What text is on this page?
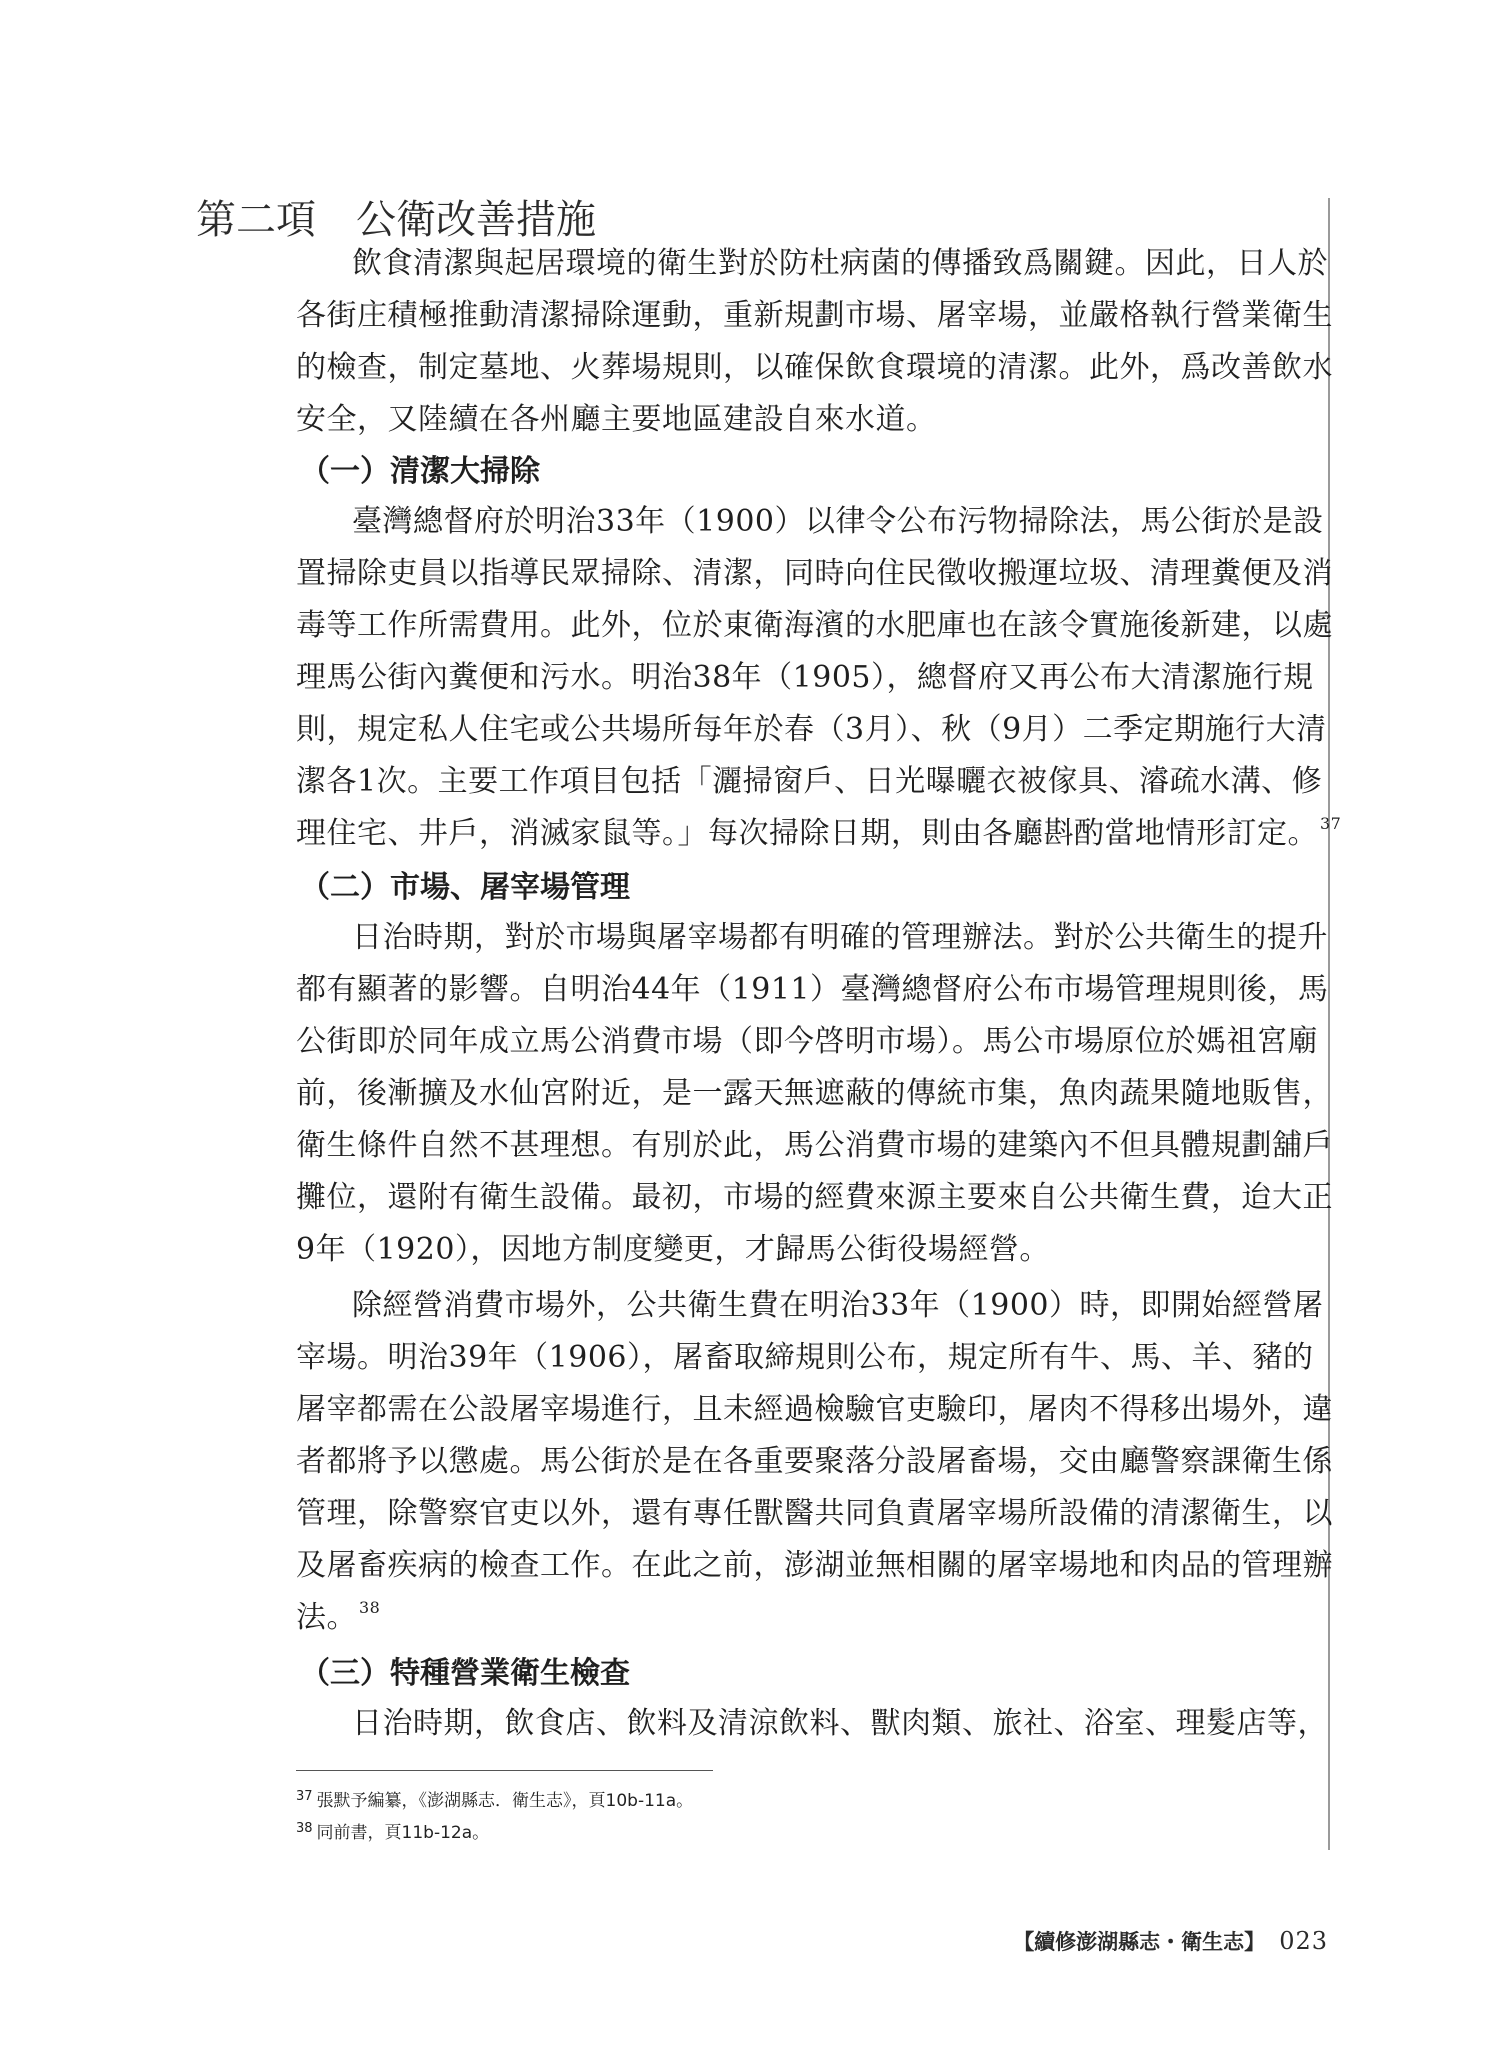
第二項 公衛改善措施
飲食清潔與起居環境的衛生對於防杜病菌的傳播致爲關鍵。因此，日人於
各街庄積極推動清潔掃除運動，重新規劃市場、屠宰場，並嚴格執行營業衛生
的檢查，制定墓地、火葬場規則，以確保飲食環境的清潔。此外，爲改善飲水
安全，又陸續在各州廳主要地區建設自來水道。
（一）清潔大掃除
臺灣總督府於明治33年（1900）以律令公布污物掃除法，馬公街於是設
置掃除吏員以指導民眾掃除、清潔，同時向住民徵收搬運垃圾、清理糞便及消
毒等工作所需費用。此外，位於東衛海濱的水肥庫也在該令實施後新建，以處
理馬公街內糞便和污水。明治38年（1905），總督府又再公布大清潔施行規
則，規定私人住宅或公共場所每年於春（3月）、秋（9月）二季定期施行大清
潔各1次。主要工作項目包括「灑掃窗戶、日光曝曬衣被傢具、濬疏水溝、修
理住宅、井戶，消滅家鼠等。」每次掃除日期，則由各廳斟酌當地情形訂定。 $^{37}$
（二）市場、屠宰場管理
日治時期，對於市場與屠宰場都有明確的管理辦法。對於公共衛生的提升
都有顯著的影響。自明治44年（1911）臺灣總督府公布市場管理規則後，馬
公街即於同年成立馬公消費市場（即今啓明市場）。馬公市場原位於媽祖宮廟
前，後漸擴及水仙宮附近，是一露天無遮蔽的傳統市集，魚肉蔬果隨地販售，
衛生條件自然不甚理想。有別於此，馬公消費市場的建築內不但具體規劃舖戶
攤位，還附有衛生設備。最初，市場的經費來源主要來自公共衛生費，迨大正
9年（1920），因地方制度變更，才歸馬公街役場經營。
除經營消費市場外，公共衛生費在明治33年（1900）時，即開始經營屠
宰場。明治39年（1906），屠畜取締規則公布，規定所有牛、馬、羊、豬的
屠宰都需在公設屠宰場進行，且未經過檢驗官吏驗印，屠肉不得移出場外，違
者都將予以懲處。馬公街於是在各重要聚落分設屠畜場，交由廳警察課衛生係
管理，除警察官吏以外，還有專任獸醫共同負責屠宰場所設備的清潔衛生，以
及屠畜疾病的檢查工作。在此之前，澎湖並無相關的屠宰場地和肉品的管理辦
法。 $^{38}$
（三）特種營業衛生檢查
日治時期，飲食店、飲料及清涼飲料、獸肉類、旅社、浴室、理髮店等，
$^{37}$ 張默予編纂，《澎湖縣志．衛生志》，頁10b-11a。
$^{38}$ 同前書，頁11b-12a。
【續修澎湖縣志・衛生志】 023
